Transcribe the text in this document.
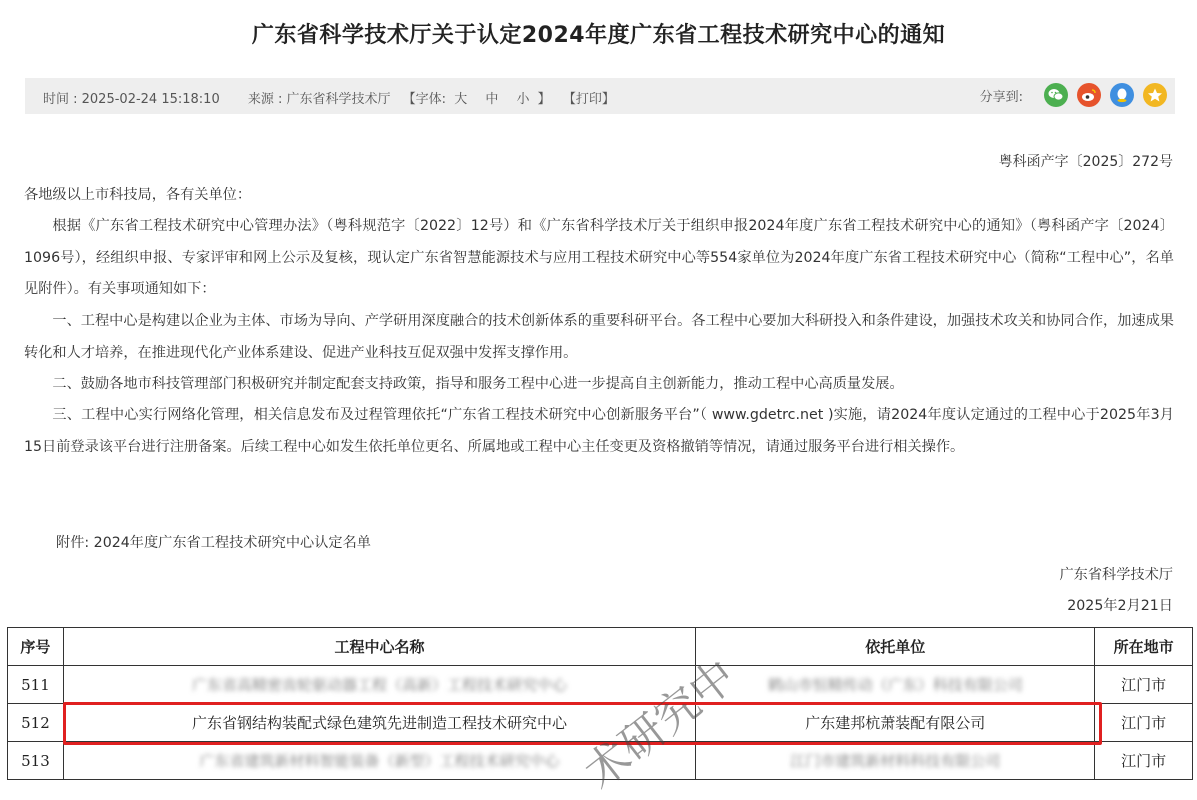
广东省科学技术厅关于认定2024年度广东省工程技术研究中心的通知
时间 : 2025-02-24 15:18:10 来源 : 广东省科学技术厅 【字体: 大 中 小 】 【打印】	分享到:
粤科函产字〔2025〕272号
各地级以上市科技局，各有关单位：
根据《广东省工程技术研究中心管理办法》（粤科规范字〔2022〕12号）和《广东省科学技术厅关于组织申报2024年度广东省工程技术研究中心的通知》（粤科函产字〔2024〕1096号），经组织申报、专家评审和网上公示及复核，现认定广东省智慧能源技术与应用工程技术研究中心等554家单位为2024年度广东省工程技术研究中心（简称“工程中心”，名单见附件）。有关事项通知如下：
一、工程中心是构建以企业为主体、市场为导向、产学研用深度融合的技术创新体系的重要科研平台。各工程中心要加大科研投入和条件建设，加强技术攻关和协同合作，加速成果转化和人才培养，在推进现代化产业体系建设、促进产业科技互促双强中发挥支撑作用。
二、鼓励各地市科技管理部门积极研究并制定配套支持政策，指导和服务工程中心进一步提高自主创新能力，推动工程中心高质量发展。
三、工程中心实行网络化管理，相关信息发布及过程管理依托“广东省工程技术研究中心创新服务平台”（ www.gdetrc.net )实施，请2024年度认定通过的工程中心于2025年3月15日前登录该平台进行注册备案。后续工程中心如发生依托单位更名、所属地或工程中心主任变更及资格撤销等情况，请通过服务平台进行相关操作。
附件: 2024年度广东省工程技术研究中心认定名单
广东省科学技术厅
2025年2月21日
序号	工程中心名称	依托单位	所在地市
511	广东省高精密齿轮驱动器工程（高新）工程技术研究中心	鹤山市恒精传动（广东）科技有限公司	江门市
512	广东省钢结构装配式绿色建筑先进制造工程技术研究中心	广东建邦杭萧装配有限公司	江门市
513	广东省建筑新材料智能装备（新型）工程技术研究中心	江门市建筑新材料科技有限公司	江门市
术研究中
